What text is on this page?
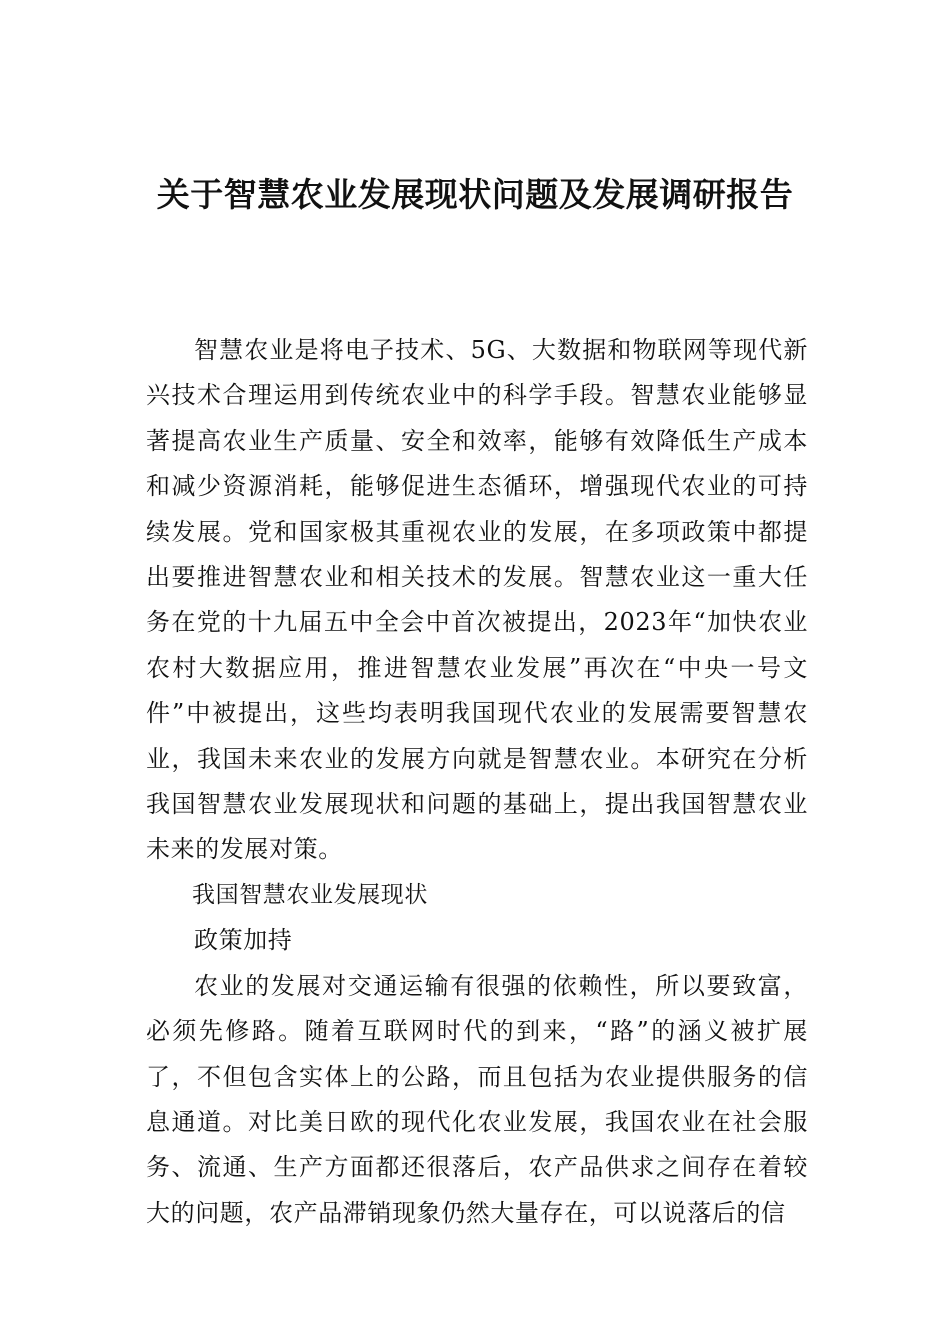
关于智慧农业发展现状问题及发展调研报告

智慧农业是将电子技术、5G、大数据和物联网等现代新兴技术合理运用到传统农业中的科学手段。智慧农业能够显著提高农业生产质量、安全和效率，能够有效降低生产成本和减少资源消耗，能够促进生态循环，增强现代农业的可持续发展。党和国家极其重视农业的发展，在多项政策中都提出要推进智慧农业和相关技术的发展。智慧农业这一重大任务在党的十九届五中全会中首次被提出，2023年“加快农业农村大数据应用，推进智慧农业发展”再次在“中央一号文件”中被提出，这些均表明我国现代农业的发展需要智慧农业，我国未来农业的发展方向就是智慧农业。本研究在分析我国智慧农业发展现状和问题的基础上，提出我国智慧农业未来的发展对策。

我国智慧农业发展现状

政策加持

农业的发展对交通运输有很强的依赖性，所以要致富，必须先修路。随着互联网时代的到来，“路”的涵义被扩展了，不但包含实体上的公路，而且包括为农业提供服务的信息通道。对比美日欧的现代化农业发展，我国农业在社会服务、流通、生产方面都还很落后，农产品供求之间存在着较大的问题，农产品滞销现象仍然大量存在，可以说落后的信
